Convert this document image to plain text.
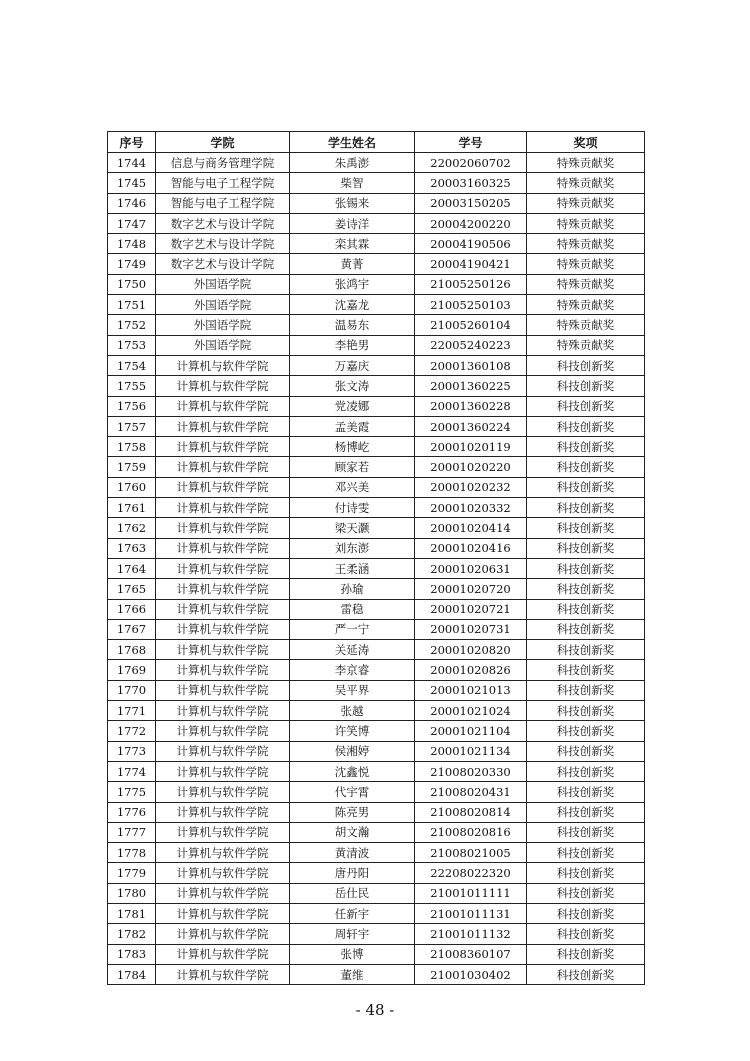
序号	学院	学生姓名	学号	奖项
1744	信息与商务管理学院	朱禹澎	22002060702	特殊贡献奖
1745	智能与电子工程学院	柴智	20003160325	特殊贡献奖
1746	智能与电子工程学院	张锡来	20003150205	特殊贡献奖
1747	数字艺术与设计学院	姜诗洋	20004200220	特殊贡献奖
1748	数字艺术与设计学院	栾其霖	20004190506	特殊贡献奖
1749	数字艺术与设计学院	黄菁	20004190421	特殊贡献奖
1750	外国语学院	张鸿宇	21005250126	特殊贡献奖
1751	外国语学院	沈嘉龙	21005250103	特殊贡献奖
1752	外国语学院	温易东	21005260104	特殊贡献奖
1753	外国语学院	李艳男	22005240223	特殊贡献奖
1754	计算机与软件学院	万嘉庆	20001360108	科技创新奖
1755	计算机与软件学院	张文涛	20001360225	科技创新奖
1756	计算机与软件学院	党凌娜	20001360228	科技创新奖
1757	计算机与软件学院	孟美霞	20001360224	科技创新奖
1758	计算机与软件学院	杨博屹	20001020119	科技创新奖
1759	计算机与软件学院	顾家若	20001020220	科技创新奖
1760	计算机与软件学院	邓兴美	20001020232	科技创新奖
1761	计算机与软件学院	付诗雯	20001020332	科技创新奖
1762	计算机与软件学院	梁天灏	20001020414	科技创新奖
1763	计算机与软件学院	刘东澎	20001020416	科技创新奖
1764	计算机与软件学院	王柔涵	20001020631	科技创新奖
1765	计算机与软件学院	孙瑜	20001020720	科技创新奖
1766	计算机与软件学院	雷稳	20001020721	科技创新奖
1767	计算机与软件学院	严一宁	20001020731	科技创新奖
1768	计算机与软件学院	关延涛	20001020820	科技创新奖
1769	计算机与软件学院	李京睿	20001020826	科技创新奖
1770	计算机与软件学院	吴平界	20001021013	科技创新奖
1771	计算机与软件学院	张越	20001021024	科技创新奖
1772	计算机与软件学院	许笑博	20001021104	科技创新奖
1773	计算机与软件学院	侯湘婷	20001021134	科技创新奖
1774	计算机与软件学院	沈鑫悦	21008020330	科技创新奖
1775	计算机与软件学院	代宇霄	21008020431	科技创新奖
1776	计算机与软件学院	陈亮男	21008020814	科技创新奖
1777	计算机与软件学院	胡文瀚	21008020816	科技创新奖
1778	计算机与软件学院	黄清波	21008021005	科技创新奖
1779	计算机与软件学院	唐丹阳	22208022320	科技创新奖
1780	计算机与软件学院	岳仕民	21001011111	科技创新奖
1781	计算机与软件学院	任新宇	21001011131	科技创新奖
1782	计算机与软件学院	周轩宇	21001011132	科技创新奖
1783	计算机与软件学院	张博	21008360107	科技创新奖
1784	计算机与软件学院	董维	21001030402	科技创新奖
- 48 -
